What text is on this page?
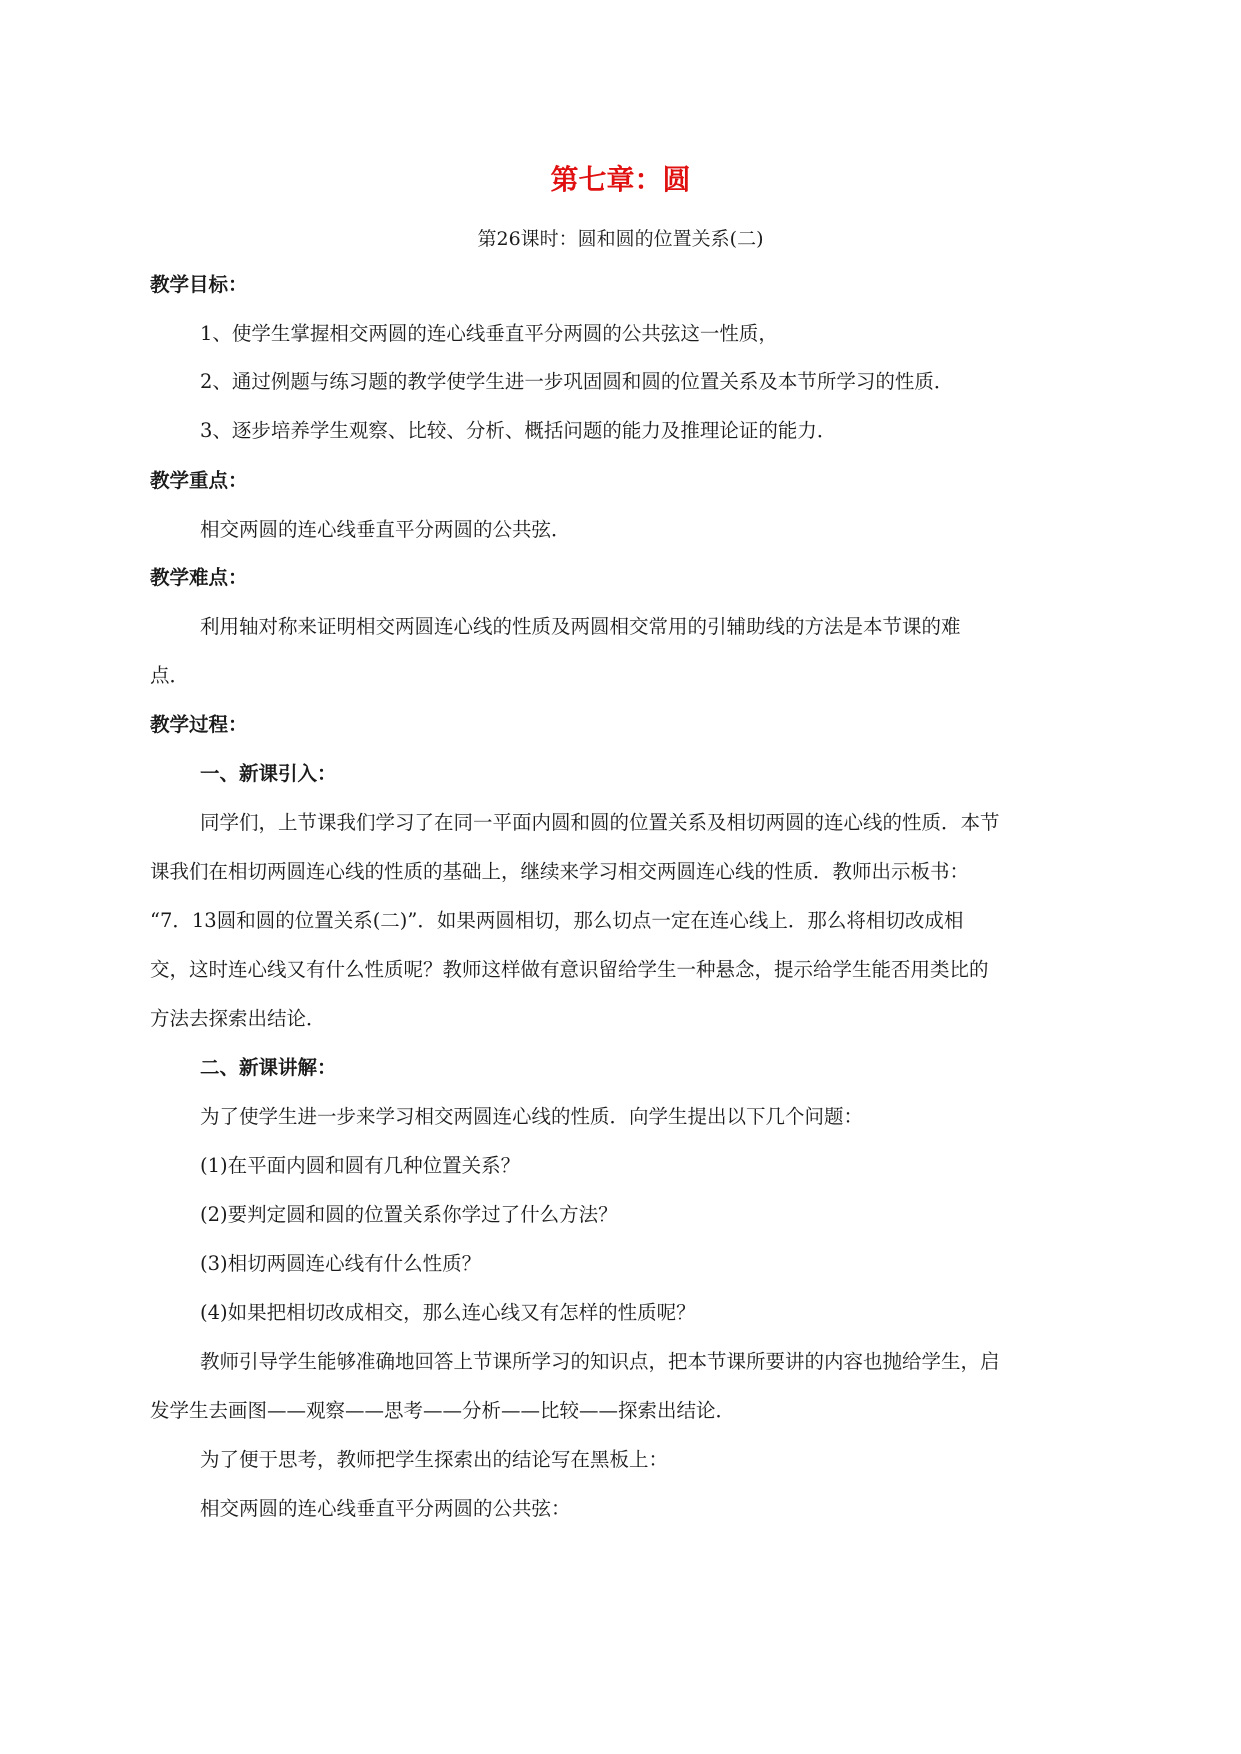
第七章：圆
第26课时：圆和圆的位置关系(二)
教学目标：
1、使学生掌握相交两圆的连心线垂直平分两圆的公共弦这一性质，
2、通过例题与练习题的教学使学生进一步巩固圆和圆的位置关系及本节所学习的性质．
3、逐步培养学生观察、比较、分析、概括问题的能力及推理论证的能力．
教学重点：
相交两圆的连心线垂直平分两圆的公共弦．
教学难点：
利用轴对称来证明相交两圆连心线的性质及两圆相交常用的引辅助线的方法是本节课的难
点．
教学过程：
一、新课引入：
同学们，上节课我们学习了在同一平面内圆和圆的位置关系及相切两圆的连心线的性质．本节
课我们在相切两圆连心线的性质的基础上，继续来学习相交两圆连心线的性质．教师出示板书：
“7．13圆和圆的位置关系(二)”．如果两圆相切，那么切点一定在连心线上．那么将相切改成相
交，这时连心线又有什么性质呢？教师这样做有意识留给学生一种悬念，提示给学生能否用类比的
方法去探索出结论．
二、新课讲解：
为了使学生进一步来学习相交两圆连心线的性质．向学生提出以下几个问题：
(1)在平面内圆和圆有几种位置关系？
(2)要判定圆和圆的位置关系你学过了什么方法？
(3)相切两圆连心线有什么性质？
(4)如果把相切改成相交，那么连心线又有怎样的性质呢？
教师引导学生能够准确地回答上节课所学习的知识点，把本节课所要讲的内容也抛给学生，启
发学生去画图——观察——思考——分析——比较——探索出结论．
为了便于思考，教师把学生探索出的结论写在黑板上：
相交两圆的连心线垂直平分两圆的公共弦：
